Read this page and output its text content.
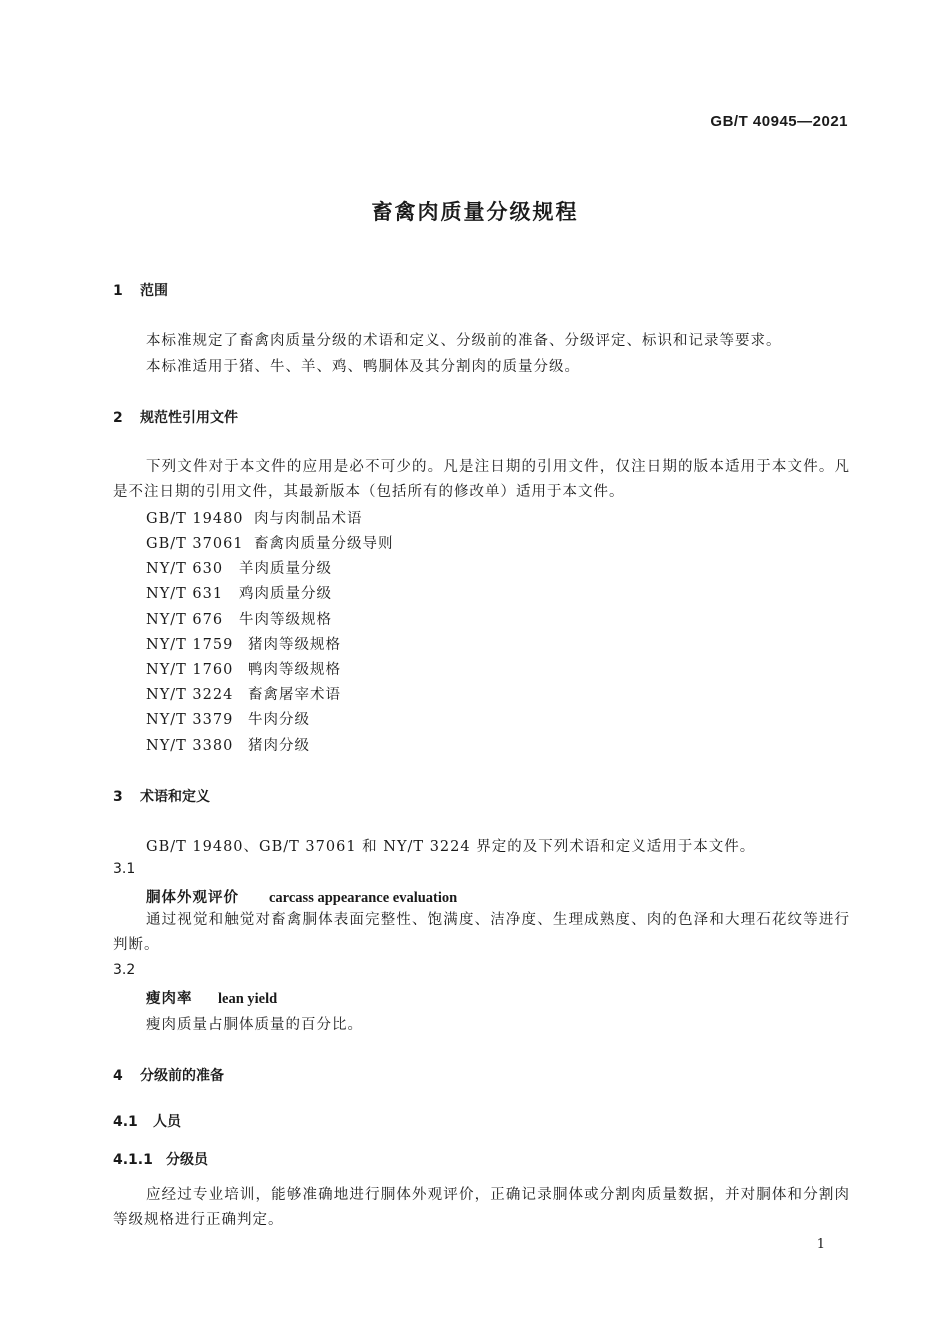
GB/T 40945—2021
畜禽肉质量分级规程
1 范围
本标准规定了畜禽肉质量分级的术语和定义、分级前的准备、分级评定、标识和记录等要求。
本标准适用于猪、牛、羊、鸡、鸭胴体及其分割肉的质量分级。
2 规范性引用文件
下列文件对于本文件的应用是必不可少的。凡是注日期的引用文件，仅注日期的版本适用于本文件。凡是不注日期的引用文件，其最新版本（包括所有的修改单）适用于本文件。
GB/T 19480 肉与肉制品术语
GB/T 37061 畜禽肉质量分级导则
NY/T 630 羊肉质量分级
NY/T 631 鸡肉质量分级
NY/T 676 牛肉等级规格
NY/T 1759 猪肉等级规格
NY/T 1760 鸭肉等级规格
NY/T 3224 畜禽屠宰术语
NY/T 3379 牛肉分级
NY/T 3380 猪肉分级
3 术语和定义
GB/T 19480、GB/T 37061 和 NY/T 3224 界定的及下列术语和定义适用于本文件。
3.1
胴体外观评价 carcass appearance evaluation
通过视觉和触觉对畜禽胴体表面完整性、饱满度、洁净度、生理成熟度、肉的色泽和大理石花纹等进行判断。
3.2
瘦肉率 lean yield
瘦肉质量占胴体质量的百分比。
4 分级前的准备
4.1 人员
4.1.1 分级员
应经过专业培训，能够准确地进行胴体外观评价，正确记录胴体或分割肉质量数据，并对胴体和分割肉等级规格进行正确判定。
1
